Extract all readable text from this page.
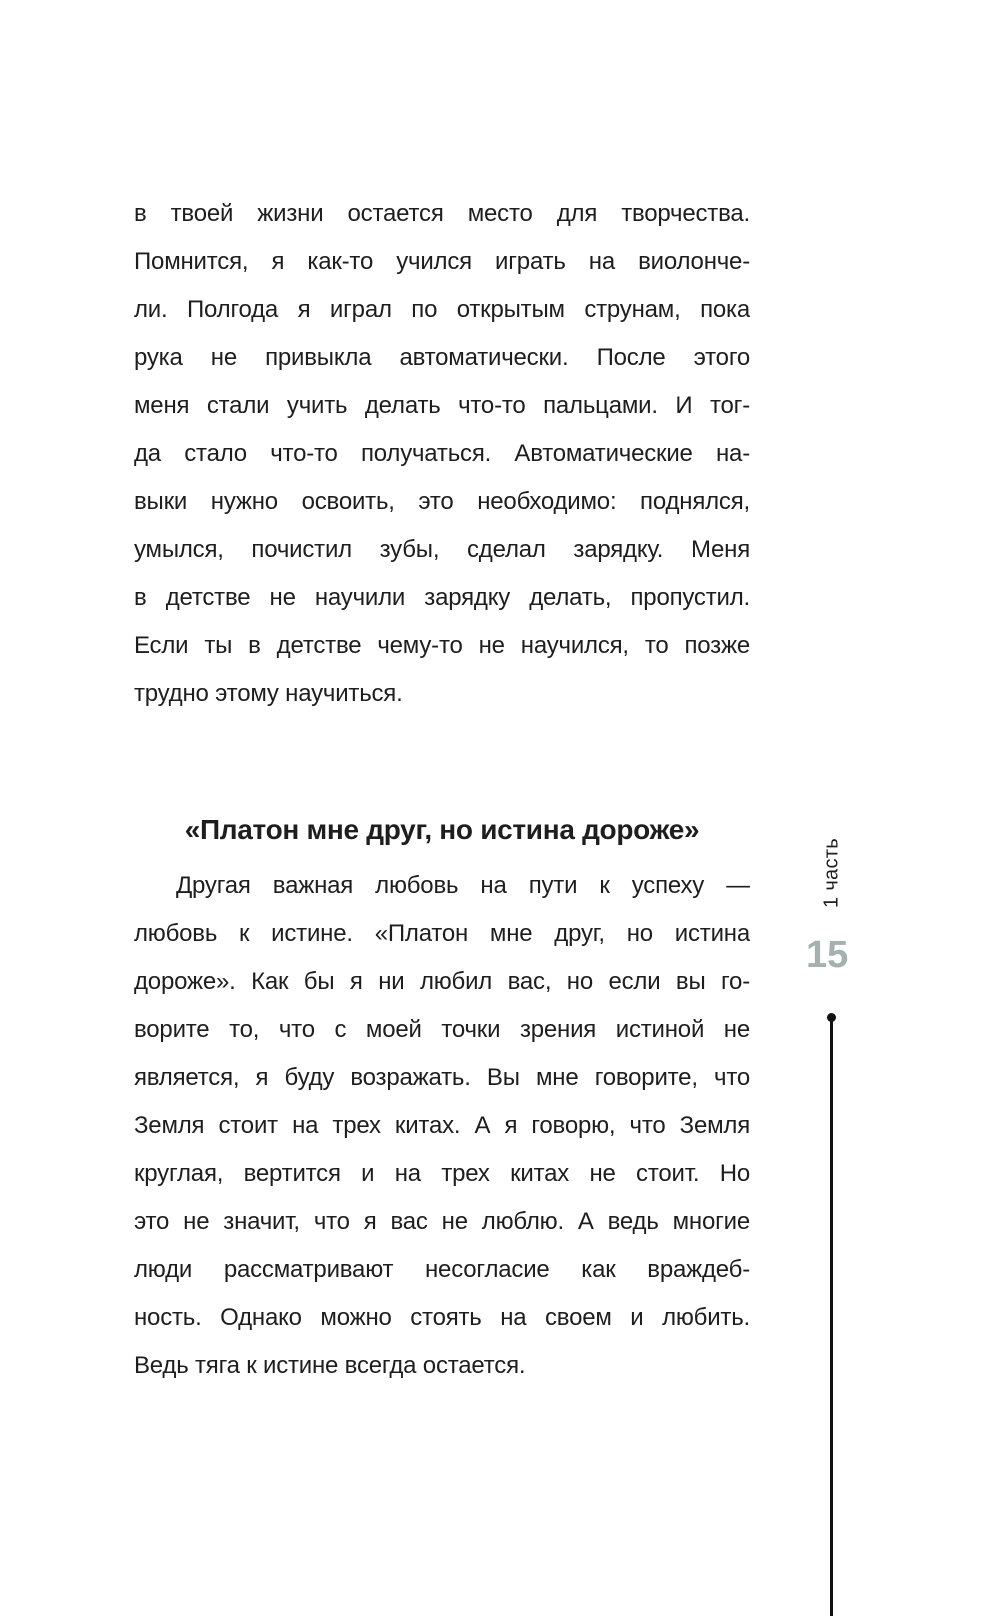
в твоей жизни остается место для творчества.
Помнится, я как-то учился играть на виолонче-
ли. Полгода я играл по открытым струнам, пока
рука не привыкла автоматически. После этого
меня стали учить делать что-то пальцами. И тог-
да стало что-то получаться. Автоматические на-
выки нужно освоить, это необходимо: поднялся,
умылся, почистил зубы, сделал зарядку. Меня
в детстве не научили зарядку делать, пропустил.
Если ты в детстве чему-то не научился, то позже
трудно этому научиться.
«Платон мне друг, но истина дороже»
Другая важная любовь на пути к успеху —
любовь к истине. «Платон мне друг, но истина
дороже». Как бы я ни любил вас, но если вы го-
ворите то, что с моей точки зрения истиной не
является, я буду возражать. Вы мне говорите, что
Земля стоит на трех китах. А я говорю, что Земля
круглая, вертится и на трех китах не стоит. Но
это не значит, что я вас не люблю. А ведь многие
люди рассматривают несогласие как враждеб-
ность. Однако можно стоять на своем и любить.
Ведь тяга к истине всегда остается.
1 часть
15
